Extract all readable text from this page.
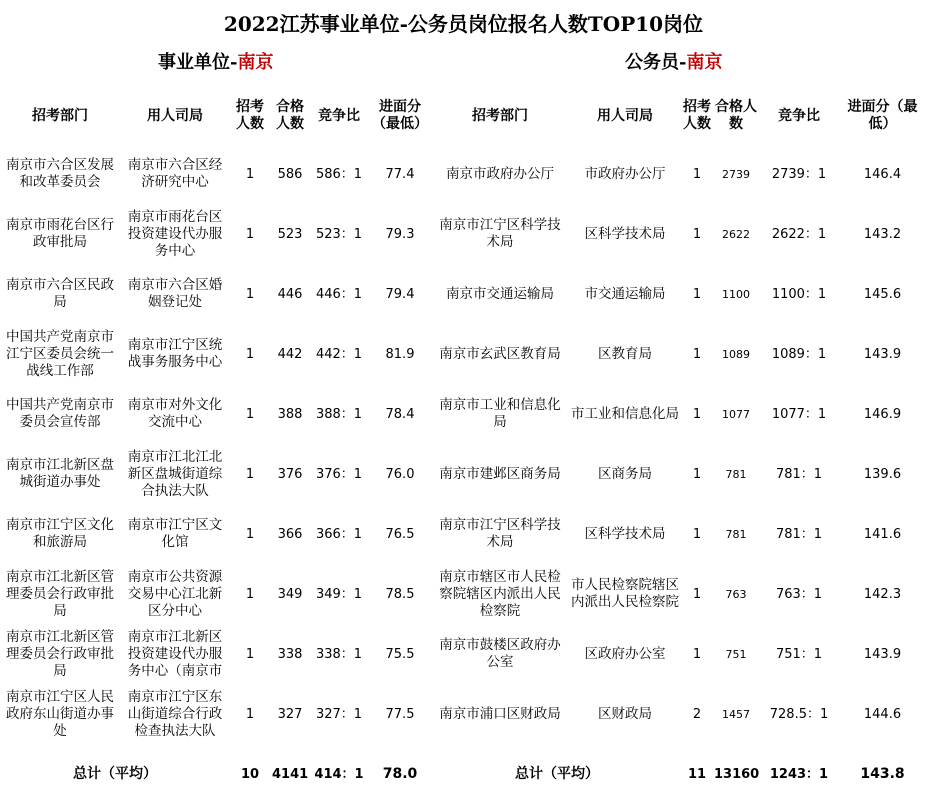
2022江苏事业单位-公务员岗位报名人数TOP10岗位
事业单位-南京	公务员-南京
招考部门	用人司局	招考人数	合格人数	竞争比	进面分（最低）

南京市六合区发展和改革委员会	南京市六合区经济研究中心	1	586	586：1	77.4

南京市雨花台区行政审批局	南京市雨花台区投资建设代办服务中心	1	523	523：1	79.3

南京市六合区民政局	南京市六合区婚姻登记处	1	446	446：1	79.4

中国共产党南京市江宁区委员会统一战线工作部	南京市江宁区统战事务服务中心	1	442	442：1	81.9

中国共产党南京市委员会宣传部	南京市对外文化交流中心	1	388	388：1	78.4

南京市江北新区盘城街道办事处	南京市江北江北新区盘城街道综合执法大队	1	376	376：1	76.0

南京市江宁区文化和旅游局	南京市江宁区文化馆	1	366	366：1	76.5

南京市江北新区管理委员会行政审批局	南京市公共资源交易中心江北新区分中心	1	349	349：1	78.5

南京市江北新区管理委员会行政审批局	南京市江北新区投资建设代办服务中心（南京市	1	338	338：1	75.5

南京市江宁区人民政府东山街道办事处	南京市江宁区东山街道综合行政检查执法大队	1	327	327：1	77.5
总计（平均）		10	4141	414：1	78.0
招考部门	用人司局	招考人数	合格人数	竞争比	进面分（最低）

南京市政府办公厅	市政府办公厅	1	2739	2739：1	146.4

南京市江宁区科学技术局	区科学技术局	1	2622	2622：1	143.2

南京市交通运输局	市交通运输局	1	1100	1100：1	145.6

南京市玄武区教育局	区教育局	1	1089	1089：1	143.9

南京市工业和信息化局	市工业和信息化局	1	1077	1077：1	146.9

南京市建邺区商务局	区商务局	1	781	781：1	139.6

南京市江宁区科学技术局	区科学技术局	1	781	781：1	141.6

南京市辖区市人民检察院辖区内派出人民检察院	市人民检察院辖区内派出人民检察院	1	763	763：1	142.3

南京市鼓楼区政府办公室	区政府办公室	1	751	751：1	143.9

南京市浦口区财政局	区财政局	2	1457	728.5：1	144.6
总计（平均）		11	13160	1243：1	143.8
